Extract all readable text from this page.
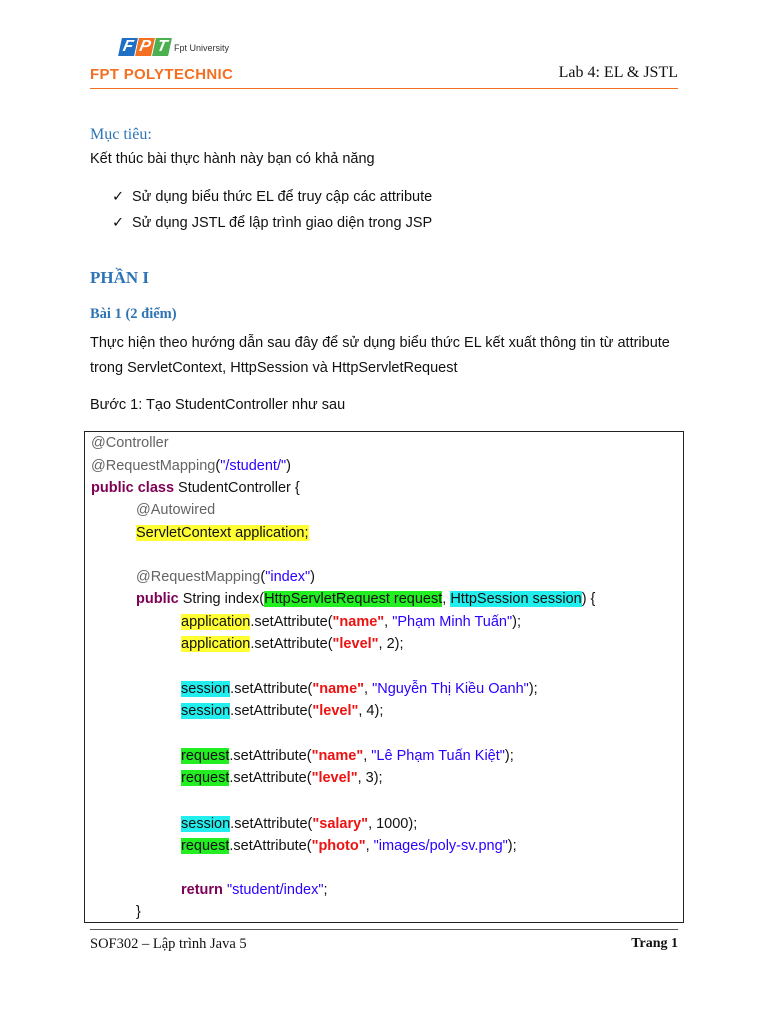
F P T Fpt University
FPT POLYTECHNIC	Lab 4: EL & JSTL
Mục tiêu:
Kết thúc bài thực hành này bạn có khả năng
✓ Sử dụng biểu thức EL để truy cập các attribute
✓ Sử dụng JSTL để lập trình giao diện trong JSP
PHẦN I
Bài 1 (2 điểm)
Thực hiện theo hướng dẫn sau đây để sử dụng biểu thức EL kết xuất thông tin từ attribute trong ServletContext, HttpSession và HttpServletRequest
Bước 1: Tạo StudentController như sau
@Controller
@RequestMapping("/student/")
public class StudentController {
@Autowired
ServletContext application;
@RequestMapping("index")
public String index(HttpServletRequest request, HttpSession session) {
application.setAttribute("name", "Phạm Minh Tuấn");
application.setAttribute("level", 2);
session.setAttribute("name", "Nguyễn Thị Kiều Oanh");
session.setAttribute("level", 4);
request.setAttribute("name", "Lê Phạm Tuấn Kiệt");
request.setAttribute("level", 3);
session.setAttribute("salary", 1000);
request.setAttribute("photo", "images/poly-sv.png");
return "student/index";
}
SOF302 – Lập trình Java 5	Trang 1
